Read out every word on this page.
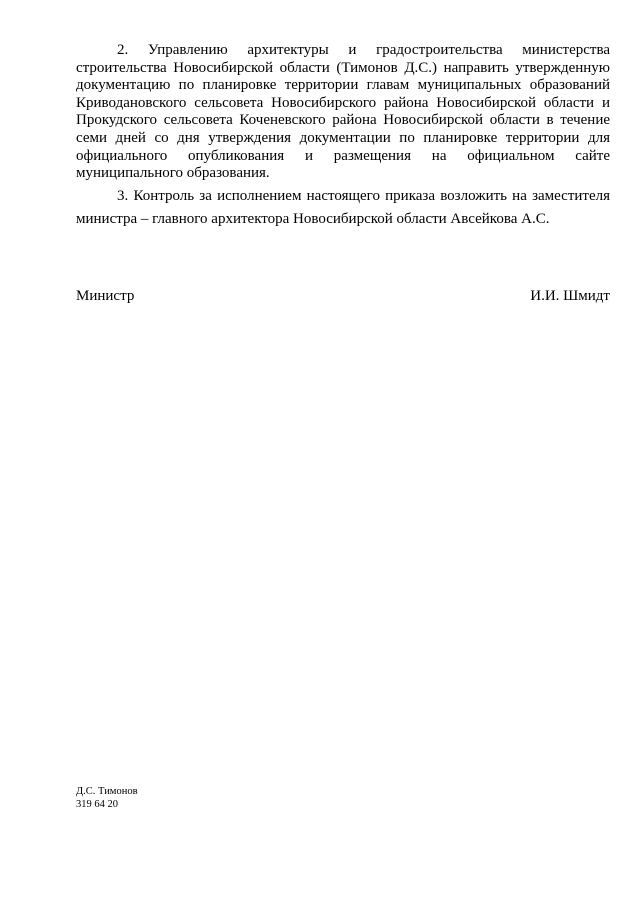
2. Управлению архитектуры и градостроительства министерства строительства Новосибирской области (Тимонов Д.С.) направить утвержденную документацию по планировке территории главам муниципальных образований Криводановского сельсовета Новосибирского района Новосибирской области и Прокудского сельсовета Коченевского района Новосибирской области в течение семи дней со дня утверждения документации по планировке территории для официального опубликования и размещения на официальном сайте муниципального образования.

3. Контроль за исполнением настоящего приказа возложить на заместителя министра – главного архитектора Новосибирской области Авсейкова А.С.

Министр	И.И. Шмидт
Д.С. Тимонов
319 64 20
